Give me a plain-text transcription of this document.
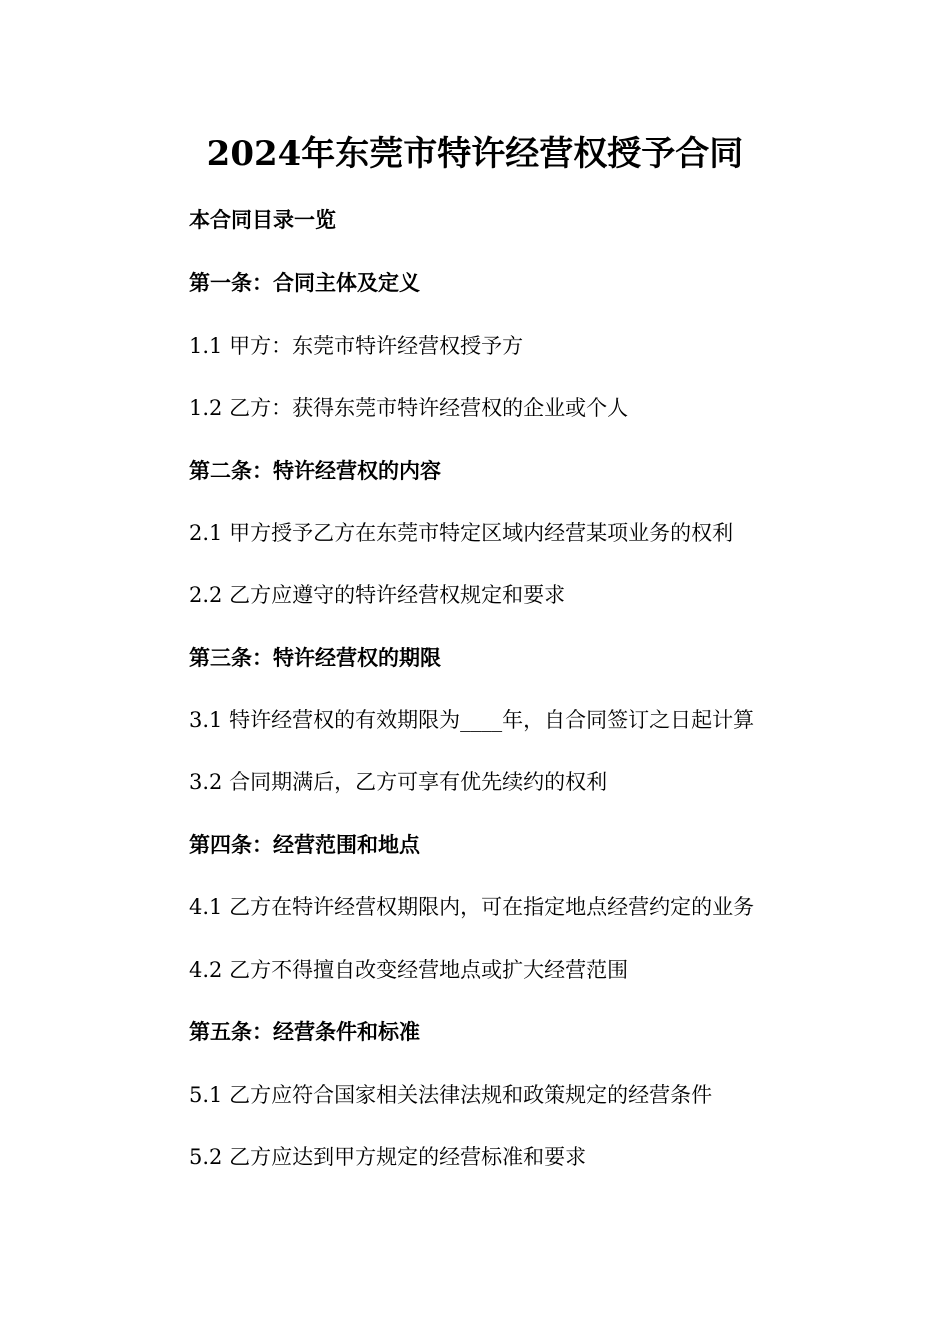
2024年东莞市特许经营权授予合同
本合同目录一览
第一条：合同主体及定义
1.1 甲方：东莞市特许经营权授予方
1.2 乙方：获得东莞市特许经营权的企业或个人
第二条：特许经营权的内容
2.1 甲方授予乙方在东莞市特定区域内经营某项业务的权利
2.2 乙方应遵守的特许经营权规定和要求
第三条：特许经营权的期限
3.1 特许经营权的有效期限为____年，自合同签订之日起计算
3.2 合同期满后，乙方可享有优先续约的权利
第四条：经营范围和地点
4.1 乙方在特许经营权期限内，可在指定地点经营约定的业务
4.2 乙方不得擅自改变经营地点或扩大经营范围
第五条：经营条件和标准
5.1 乙方应符合国家相关法律法规和政策规定的经营条件
5.2 乙方应达到甲方规定的经营标准和要求
